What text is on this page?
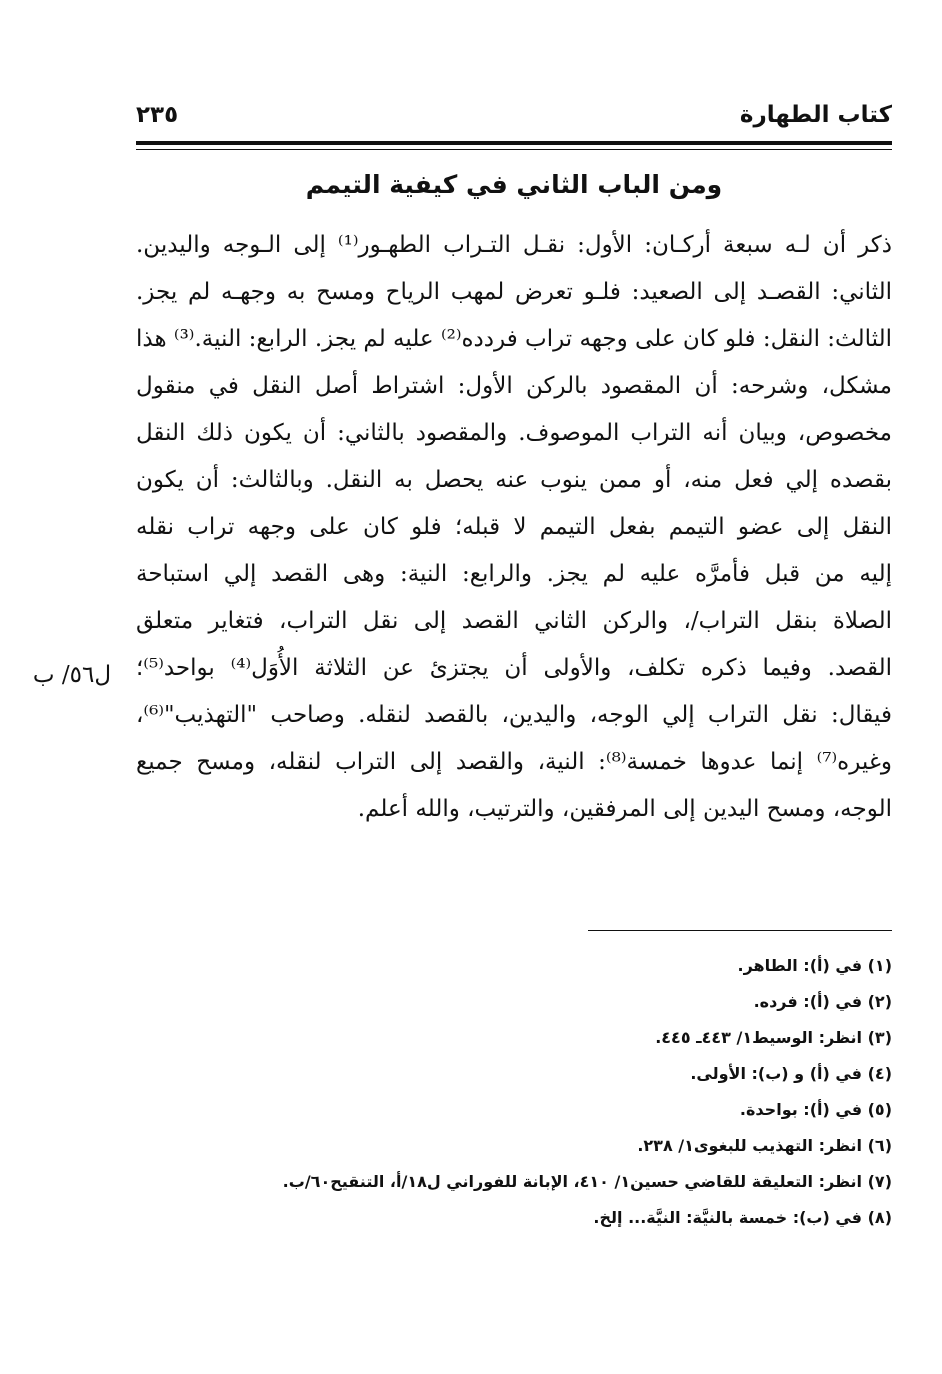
كتاب الطهارة
٢٣٥
ومن الباب الثاني في كيفية التيمم
ذكر أن لـه سبعة أركـان: الأول: نقـل التـراب الطهـور⁽¹⁾ إلى الـوجه واليدين.
الثاني: القصـد إلى الصعيد: فلـو تعرض لمهب الرياح ومسح به وجهـه لم يجز.
الثالث: النقل: فلو كان على وجهه تراب فردده⁽²⁾ عليه لم يجز. الرابع: النية.⁽³⁾ هذا
مشكل، وشرحه: أن المقصود بالركن الأول: اشتراط أصل النقل في منقول
مخصوص، وبيان أنه التراب الموصوف. والمقصود بالثاني: أن يكون ذلك النقل
بقصده إلي فعل منه، أو ممن ينوب عنه يحصل به النقل. وبالثالث: أن يكون
النقل إلى عضو التيمم بفعل التيمم لا قبله؛ فلو كان على وجهه تراب نقله
إليه من قبل فأمرَّه عليه لم يجز. والرابع: النية: وهى القصد إلي استباحة
الصلاة بنقل التراب/، والركن الثاني القصد إلى نقل التراب، فتغاير متعلق
القصد. وفيما ذكره تكلف، والأولى أن يجتزئ عن الثلاثة الأُوَل⁽⁴⁾ بواحد⁽⁵⁾؛
فيقال: نقل التراب إلي الوجه، واليدين، بالقصد لنقله. وصاحب "التهذيب"⁽⁶⁾،
وغيره⁽⁷⁾ إنما عدوها خمسة⁽⁸⁾: النية، والقصد إلى التراب لنقله، ومسح جميع
الوجه، ومسح اليدين إلى المرفقين، والترتيب، والله أعلم.
ل٥٦/ ب
(١) في (أ): الطاهر.
(٢) في (أ): فرده.
(٣) انظر: الوسيط١/ ٤٤٣ـ ٤٤٥.
(٤) في (أ) و (ب): الأولى.
(٥) في (أ): بواحدة.
(٦) انظر: التهذيب للبغوى١/ ٢٣٨.
(٧) انظر: التعليقة للقاضي حسين١/ ٤١٠، الإبانة للفوراني ل١٨/أ، التنقيح٦٠/ب.
(٨) في (ب): خمسة بالنيَّة: النيَّة... إلخ.
